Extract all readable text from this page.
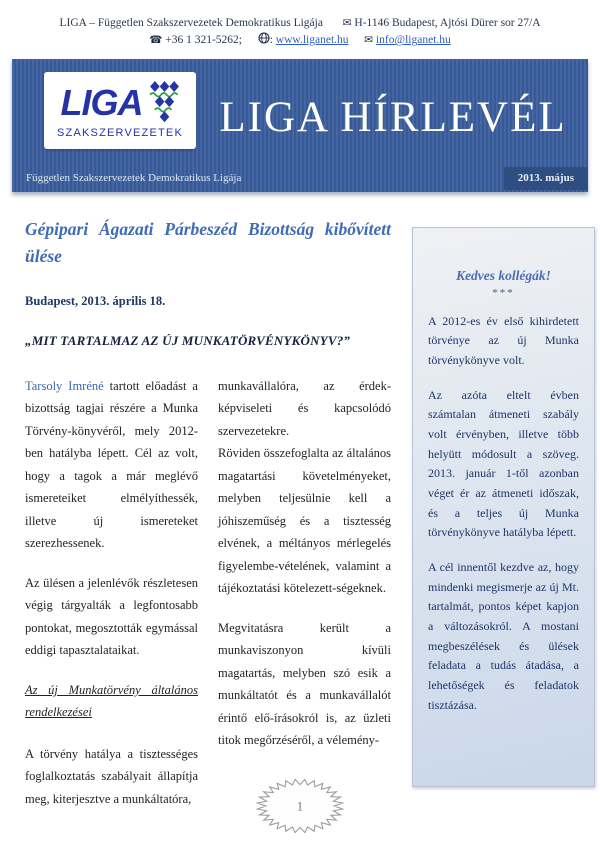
LIGA – Független Szakszervezetek Demokratikus Ligája ✉ H-1146 Budapest, Ajtósi Dürer sor 27/A
☎ +36 1 321-5262; : www.liganet.hu ✉ info@liganet.hu
LIGA
SZAKSZERVEZETEK LIGA HÍRLEVÉL
Független Szakszervezetek Demokratikus Ligája	2013. május
Gépipari Ágazati Párbeszéd Bizottság kibővített ülése
Budapest, 2013. április 18.
„MIT TARTALMAZ AZ ÚJ MUNKATÖRVÉNYKÖNYV?”

Tarsoly Imréné tartott előadást a bizottság tagjai részére a Munka Törvény-könyvéről, mely 2012-ben hatályba lépett. Cél az volt, hogy a tagok a már meglévő ismereteiket elmélyíthessék, illetve új ismereteket szerezhessenek.

Az ülésen a jelenlévők részletesen végig tárgyalták a legfontosabb pontokat, megosztották egymással eddigi tapasztalataikat.

Az új Munkatörvény általános rendelkezései

A törvény hatálya a tisztességes foglalkoztatás szabályait állapítja meg, kiterjesztve a munkáltatóra,

munkavállalóra, az érdek-képviseleti és kapcsolódó szervezetekre.

Röviden összefoglalta az általános magatartási követelményeket, melyben teljesülnie kell a jóhiszeműség és a tisztesség elvének, a méltányos mérlegelés figyelembe-vételének, valamint a tájékoztatási kötelezett-ségeknek.

Megvitatásra került a munkaviszonyon kívüli magatartás, melyben szó esik a munkáltatót és a munkavállalót érintő elő-írásokról is, az üzleti titok megőrzéséről, a vélemény-

Kedves kollégák!
***

A 2012-es év első kihirdetett törvénye az új Munka törvénykönyve volt.

Az azóta eltelt évben számtalan átmeneti szabály volt érvényben, illetve több helyütt módosult a szöveg. 2013. január 1-től azonban véget ér az átmeneti időszak, és a teljes új Munka törvénykönyve hatályba lépett.

A cél innentől kezdve az, hogy mindenki megismerje az új Mt. tartalmát, pontos képet kapjon a változásokról. A mostani megbeszélések és ülések feladata a tudás átadása, a lehetőségek és feladatok tisztázása.

1
